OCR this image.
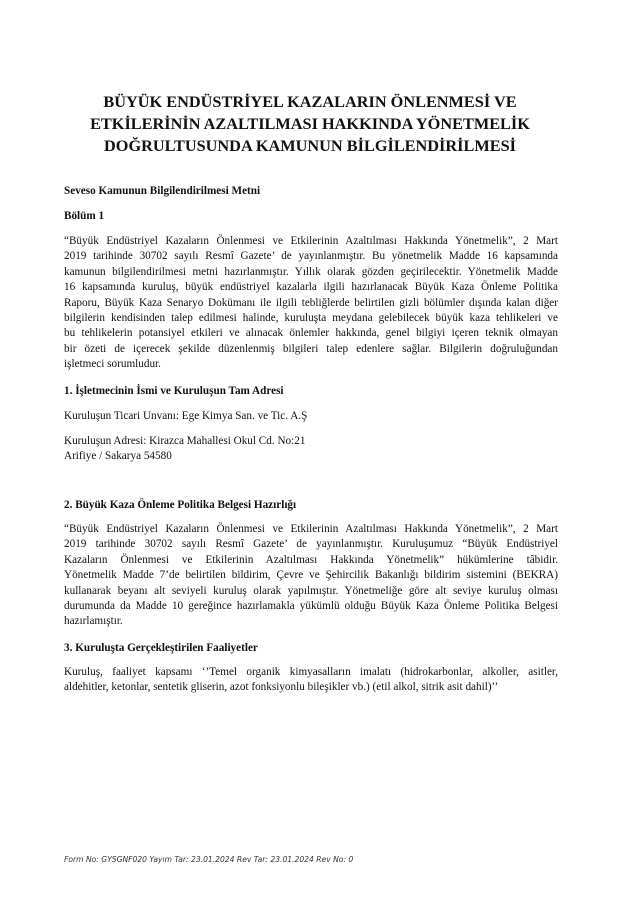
BÜYÜK ENDÜSTRİYEL KAZALARIN ÖNLENMESİ VE
ETKİLERİNİN AZALTILMASI HAKKINDA YÖNETMELİK
DOĞRULTUSUNDA KAMUNUN BİLGİLENDİRİLMESİ

Seveso Kamunun Bilgilendirilmesi Metni

Bölüm 1

“Büyük Endüstriyel Kazaların Önlenmesi ve Etkilerinin Azaltılması Hakkında Yönetmelik”, 2 Mart
2019 tarihinde 30702 sayılı Resmî Gazete’ de yayınlanmıştır. Bu yönetmelik Madde 16 kapsamında
kamunun bilgilendirilmesi metni hazırlanmıştır. Yıllık olarak gözden geçirilecektir. Yönetmelik Madde
16 kapsamında kuruluş, büyük endüstriyel kazalarla ilgili hazırlanacak Büyük Kaza Önleme Politika
Raporu, Büyük Kaza Senaryo Dokümanı ile ilgili tebliğlerde belirtilen gizli bölümler dışında kalan diğer
bilgilerin kendisinden talep edilmesi halinde, kuruluşta meydana gelebilecek büyük kaza tehlikeleri ve
bu tehlikelerin potansiyel etkileri ve alınacak önlemler hakkında, genel bilgiyi içeren teknik olmayan
bir özeti de içerecek şekilde düzenlenmiş bilgileri talep edenlere sağlar. Bilgilerin doğruluğundan
işletmeci sorumludur.

1. İşletmecinin İsmi ve Kuruluşun Tam Adresi

Kuruluşun Ticari Unvanı: Ege Kimya San. ve Tic. A.Ş

Kuruluşun Adresi: Kirazca Mahallesi Okul Cd. No:21

Arifiye / Sakarya 54580

2. Büyük Kaza Önleme Politika Belgesi Hazırlığı

“Büyük Endüstriyel Kazaların Önlenmesi ve Etkilerinin Azaltılması Hakkında Yönetmelik”, 2 Mart
2019 tarihinde 30702 sayılı Resmî Gazete’ de yayınlanmıştır. Kuruluşumuz “Büyük Endüstriyel
Kazaların Önlenmesi ve Etkilerinin Azaltılması Hakkında Yönetmelik” hükümlerine tâbidir.
Yönetmelik Madde 7’de belirtilen bildirim, Çevre ve Şehircilik Bakanlığı bildirim sistemini (BEKRA)
kullanarak beyanı alt seviyeli kuruluş olarak yapılmıştır. Yönetmeliğe göre alt seviye kuruluş olması
durumunda da Madde 10 gereğince hazırlamakla yükümlü olduğu Büyük Kaza Önleme Politika Belgesi
hazırlamıştır.

3. Kuruluşta Gerçekleştirilen Faaliyetler

Kuruluş, faaliyet kapsamı ‘’Temel organik kimyasalların imalatı (hidrokarbonlar, alkoller, asitler,
aldehitler, ketonlar, sentetik gliserin, azot fonksiyonlu bileşikler vb.) (etil alkol, sitrik asit dahil)’’

Form No: GYSGNF020 Yayım Tar: 23.01.2024 Rev Tar: 23.01.2024 Rev No: 0
